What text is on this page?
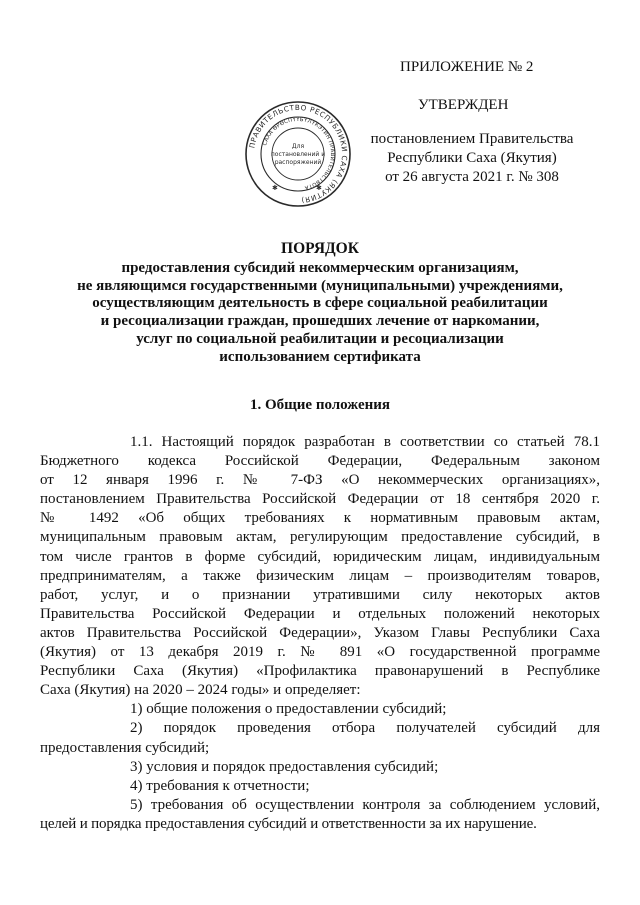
ПРИЛОЖЕНИЕ № 2
УТВЕРЖДЕН
постановлением Правительства
Республики Саха (Якутия)
от 26 августа 2021 г. № 308
ПРАВИТЕЛЬСТВО РЕСПУБЛИКИ САХА (ЯКУТИЯ)
САХА ӨРӨСПҮҮБҮЛҮКЭТИН ПРАВИТЕЛЬСТВОТА
Для
постановлений и
распоряжений
✱	✱
ПОРЯДОК
предоставления субсидий некоммерческим организациям,
не являющимся государственными (муниципальными) учреждениями,
осуществляющим деятельность в сфере социальной реабилитации
и ресоциализации граждан, прошедших лечение от наркомании,
услуг по социальной реабилитации и ресоциализации
использованием сертификата
1. Общие положения

1.1. Настоящий порядок разработан в соответствии со статьей 78.1

Бюджетного кодекса Российской Федерации, Федеральным законом

от 12 января 1996 г. № 7-ФЗ «О некоммерческих организациях»,

постановлением Правительства Российской Федерации от 18 сентября 2020 г.

№ 1492 «Об общих требованиях к нормативным правовым актам,

муниципальным правовым актам, регулирующим предоставление субсидий, в

том числе грантов в форме субсидий, юридическим лицам, индивидуальным

предпринимателям, а также физическим лицам – производителям товаров,

работ, услуг, и о признании утратившими силу некоторых актов

Правительства Российской Федерации и отдельных положений некоторых

актов Правительства Российской Федерации», Указом Главы Республики Саха

(Якутия) от 13 декабря 2019 г. № 891 «О государственной программе

Республики Саха (Якутия) «Профилактика правонарушений в Республике

Саха (Якутия) на 2020 – 2024 годы» и определяет:

1) общие положения о предоставлении субсидий;

2) порядок проведения отбора получателей субсидий для

предоставления субсидий;

3) условия и порядок предоставления субсидий;

4) требования к отчетности;

5) требования об осуществлении контроля за соблюдением условий,

целей и порядка предоставления субсидий и ответственности за их нарушение.
